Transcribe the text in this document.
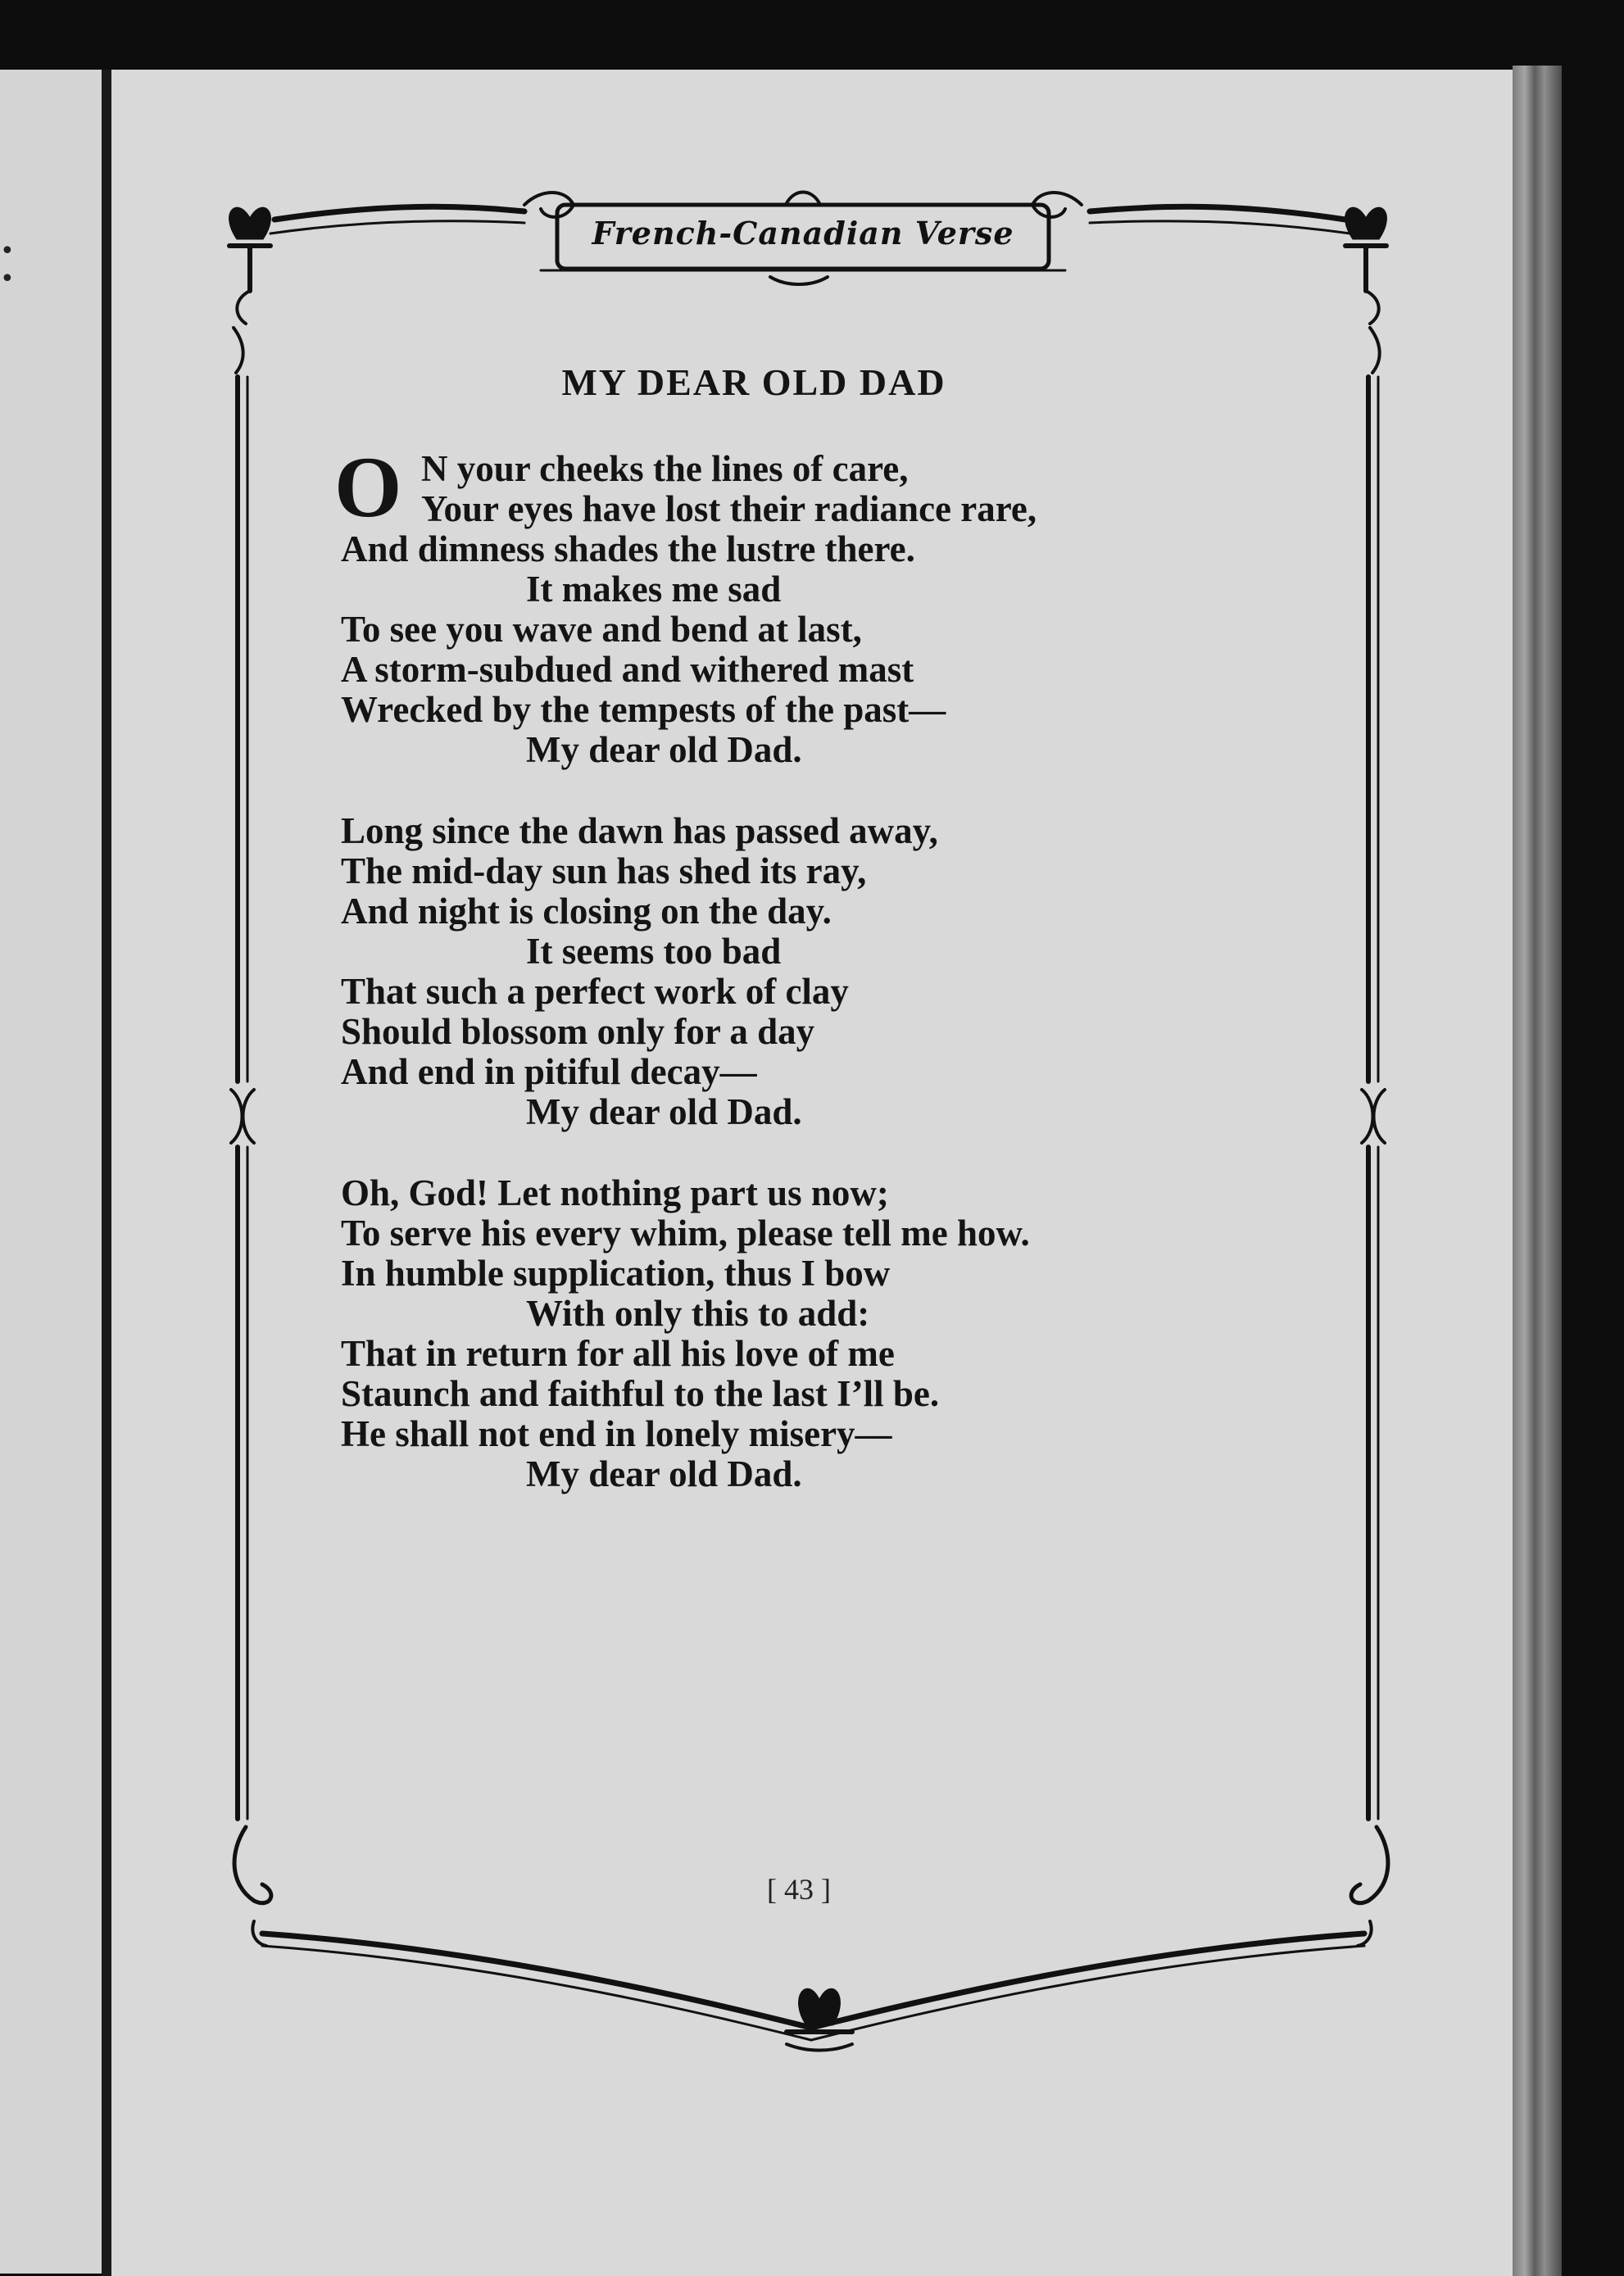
•
•
French-Canadian Verse
MY DEAR OLD DAD
O N your cheeks the lines of care,
Your eyes have lost their radiance rare,
And dimness shades the lustre there.
It makes me sad
To see you wave and bend at last,
A storm-subdued and withered mast
Wrecked by the tempests of the past—
My dear old Dad.
Long since the dawn has passed away,
The mid-day sun has shed its ray,
And night is closing on the day.
It seems too bad
That such a perfect work of clay
Should blossom only for a day
And end in pitiful decay—
My dear old Dad.
Oh, God! Let nothing part us now;
To serve his every whim, please tell me how.
In humble supplication, thus I bow
With only this to add:
That in return for all his love of me
Staunch and faithful to the last I’ll be.
He shall not end in lonely misery––
My dear old Dad.
[ 43 ]
